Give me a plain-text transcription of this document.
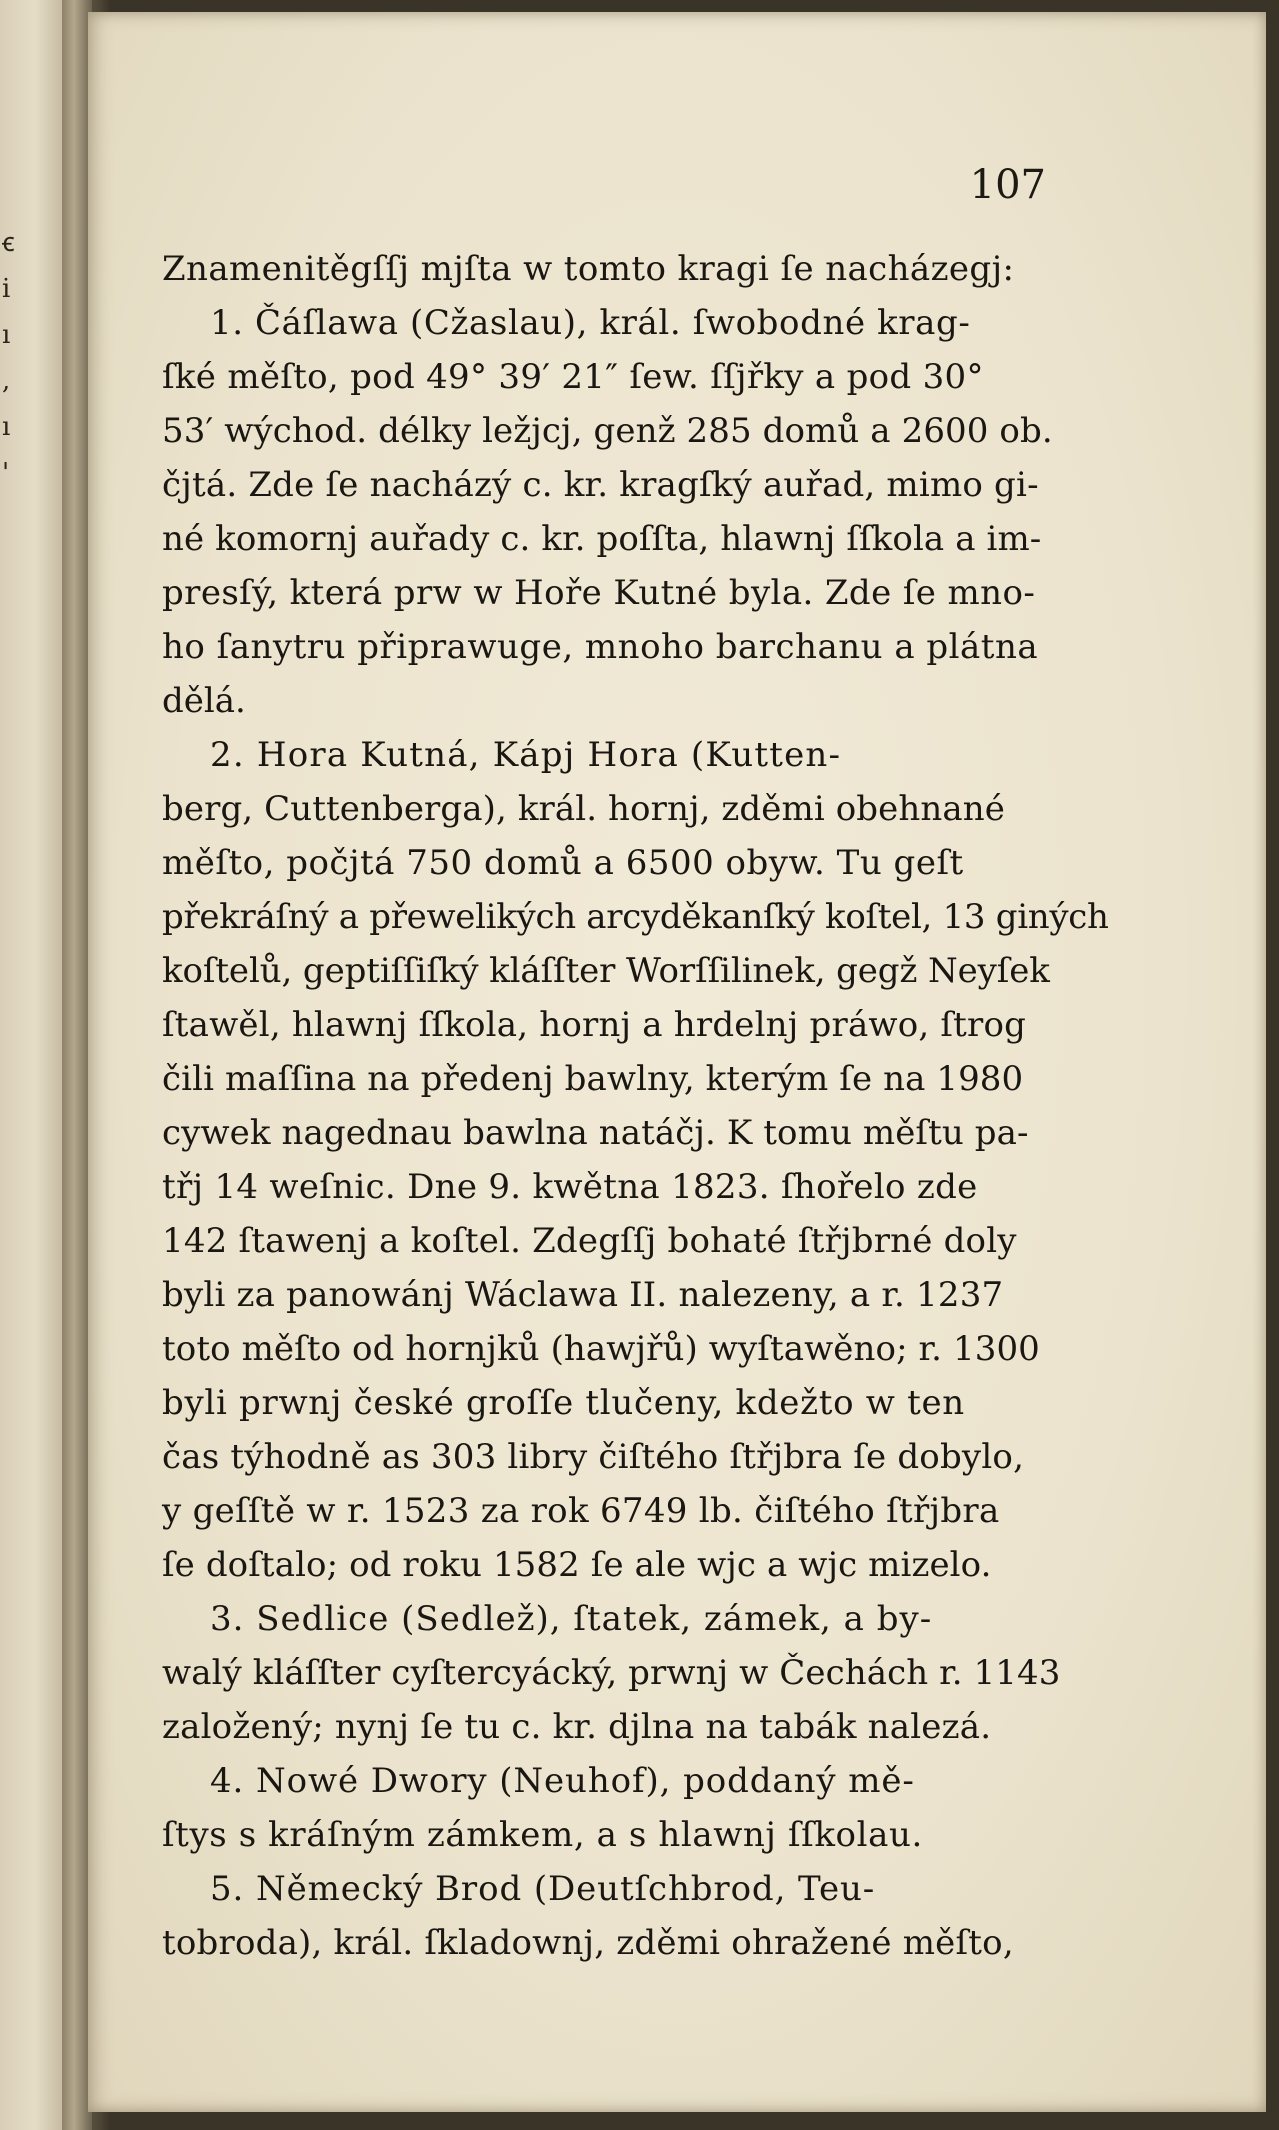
ꞓ
i
ı
,
ı
'
107
Znamenitěgſſj mjſta w tomto kragi ſe nacházegj:
1. Čáſlawa (Cžaslau), král. ſwobodné krag-
ſké měſto, pod 49° 39′ 21″ ſew. ſſjřky a pod 30°
53′ wýchod. délky ležjcj, genž 285 domů a 2600 ob.
čjtá. Zde ſe nacházý c. kr. kragſký auřad, mimo gi-
né komornj auřady c. kr. poſſta, hlawnj ſſkola a im-
presſý, která prw w Hoře Kutné byla. Zde ſe mno-
ho ſanytru připrawuge, mnoho barchanu a plátna
dělá.
2. Hora Kutná, Kápj Hora (Kutten-
berg, Cuttenberga), král. hornj, zděmi obehnané
měſto, počjtá 750 domů a 6500 obyw. Tu geſt
překráſný a přewelikých arcyděkanſký koſtel, 13 giných
koſtelů, geptiſſiſký kláſſter Worſſilinek, gegž Neyſek
ſtawěl, hlawnj ſſkola, hornj a hrdelnj práwo, ſtrog
čili maſſina na předenj bawlny, kterým ſe na 1980
cywek nagednau bawlna natáčj. K tomu měſtu pa-
třj 14 weſnic. Dne 9. kwětna 1823. ſhořelo zde
142 ſtawenj a koſtel. Zdegſſj bohaté ſtřjbrné doly
byli za panowánj Wáclawa II. nalezeny, a r. 1237
toto měſto od hornjků (hawjřů) wyſtawěno; r. 1300
byli prwnj české groſſe tlučeny, kdežto w ten
čas týhodně as 303 libry čiſtého ſtřjbra ſe dobylo,
y geſſtě w r. 1523 za rok 6749 lb. čiſtého ſtřjbra
ſe doſtalo; od roku 1582 ſe ale wjc a wjc mizelo.
3. Sedlice (Sedlež), ſtatek, zámek, a by-
walý kláſſter cyſtercyácký, prwnj w Čechách r. 1143
založený; nynj ſe tu c. kr. djlna na tabák nalezá.
4. Nowé Dwory (Neuhof), poddaný mě-
ſtys s kráſným zámkem, a s hlawnj ſſkolau.
5. Německý Brod (Deutſchbrod, Teu-
tobroda), král. ſkladownj, zděmi ohražené měſto,
